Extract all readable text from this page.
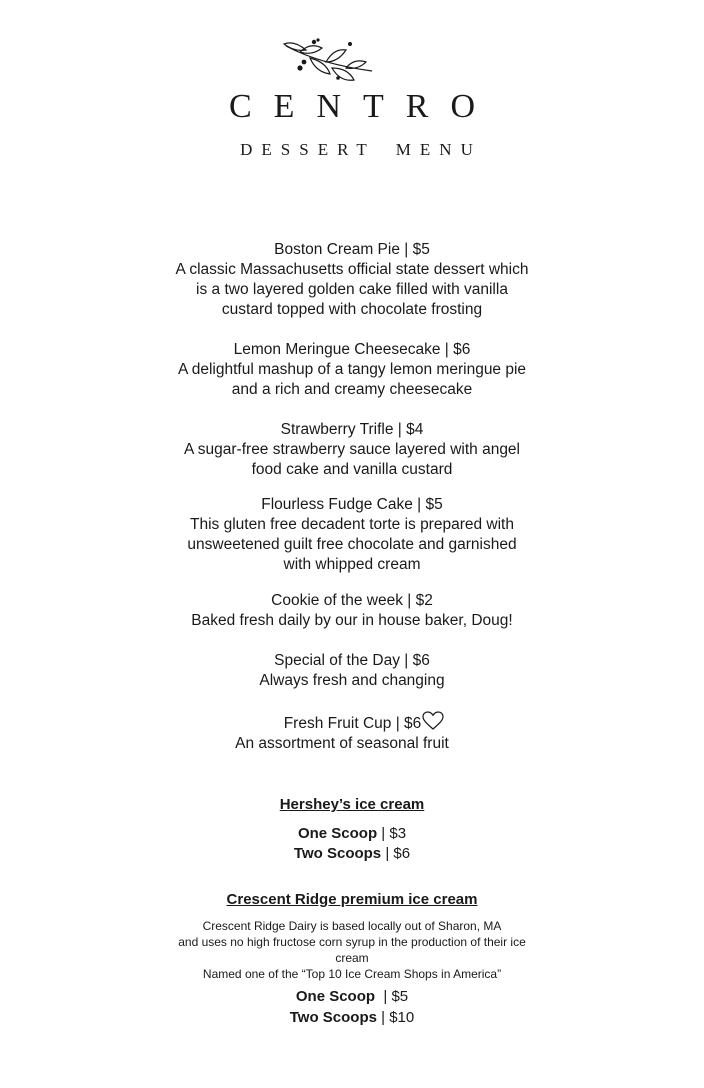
CENTRO
DESSERT MENU
Boston Cream Pie | $5
A classic Massachusetts official state dessert which
is a two layered golden cake filled with vanilla
custard topped with chocolate frosting
Lemon Meringue Cheesecake | $6
A delightful mashup of a tangy lemon meringue pie
and a rich and creamy cheesecake
Strawberry Trifle | $4
A sugar-free strawberry sauce layered with angel
food cake and vanilla custard
Flourless Fudge Cake | $5
This gluten free decadent torte is prepared with
unsweetened guilt free chocolate and garnished
with whipped cream
Cookie of the week | $2
Baked fresh daily by our in house baker, Doug!
Special of the Day | $6
Always fresh and changing
Fresh Fruit Cup | $6
An assortment of seasonal fruit
Hershey’s ice cream
One Scoop | $3
Two Scoops | $6
Crescent Ridge premium ice cream
Crescent Ridge Dairy is based locally out of Sharon, MA
and uses no high fructose corn syrup in the production of their ice
cream
Named one of the “Top 10 Ice Cream Shops in America”
One Scoop  | $5
Two Scoops | $10
